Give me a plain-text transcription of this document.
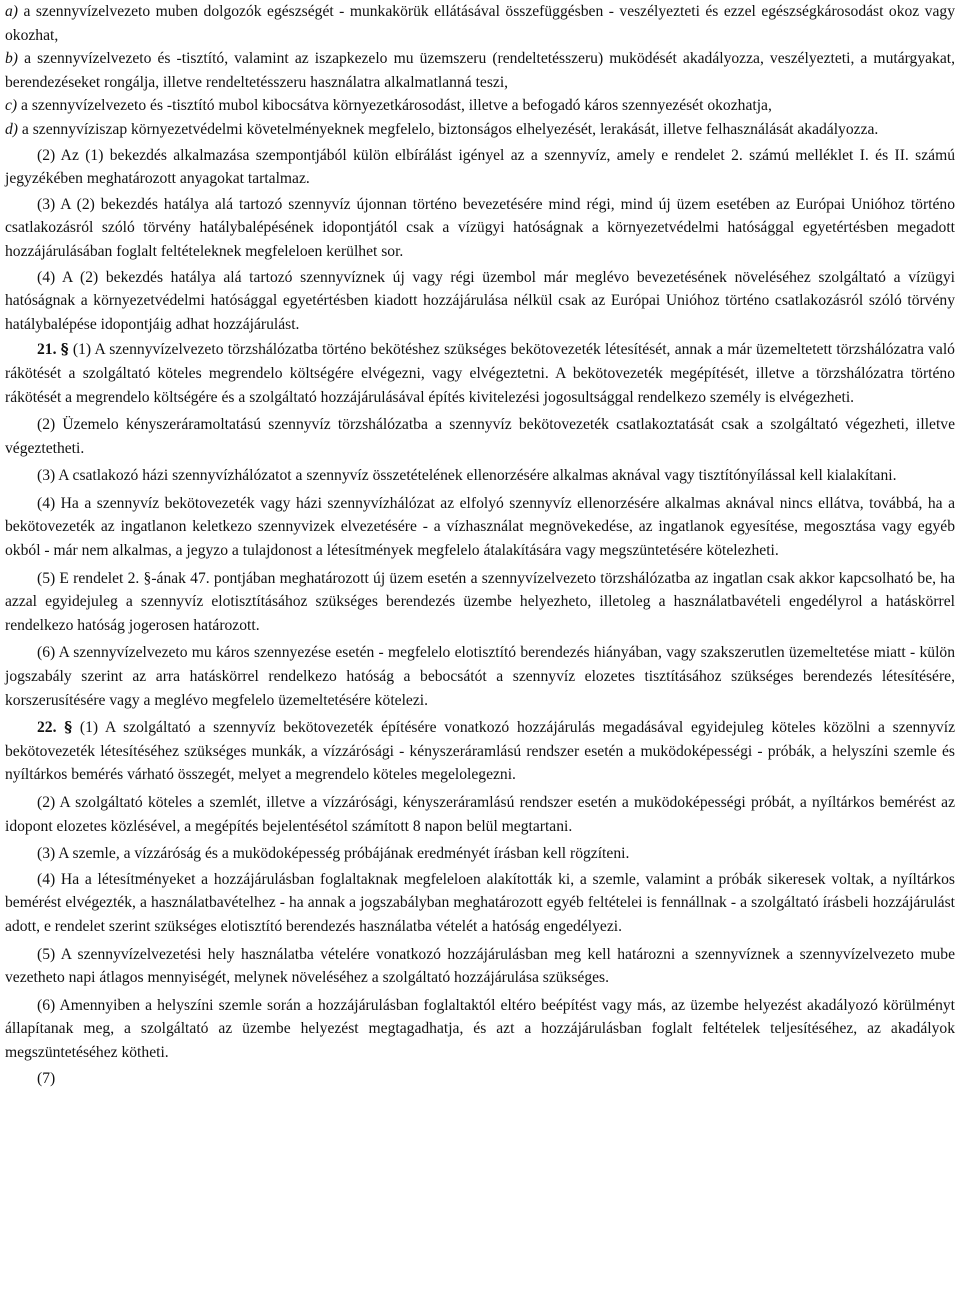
a) a szennyvízelvezeto muben dolgozók egészségét - munkakörük ellátásával összefüggésben - veszélyezteti és ezzel egészségkárosodást okoz vagy okozhat,

b) a szennyvízelvezeto és -tisztító, valamint az iszapkezelo mu üzemszeru (rendeltetésszeru) muködését akadályozza, veszélyezteti, a mutárgyakat, berendezéseket rongálja, illetve rendeltetésszeru használatra alkalmatlanná teszi,

c) a szennyvízelvezeto és -tisztító mubol kibocsátva környezetkárosodást, illetve a befogadó káros szennyezését okozhatja,

d) a szennyvíziszap környezetvédelmi követelményeknek megfelelo, biztonságos elhelyezését, lerakását, illetve felhasználását akadályozza.

(2) Az (1) bekezdés alkalmazása szempontjából külön elbírálást igényel az a szennyvíz, amely e rendelet 2. számú melléklet I. és II. számú jegyzékében meghatározott anyagokat tartalmaz.

(3) A (2) bekezdés hatálya alá tartozó szennyvíz újonnan történo bevezetésére mind régi, mind új üzem esetében az Európai Unióhoz történo csatlakozásról szóló törvény hatálybalépésének idopontjától csak a vízügyi hatóságnak a környezetvédelmi hatósággal egyetértésben megadott hozzájárulásában foglalt feltételeknek megfeleloen kerülhet sor.

(4) A (2) bekezdés hatálya alá tartozó szennyvíznek új vagy régi üzembol már meglévo bevezetésének növeléséhez szolgáltató a vízügyi hatóságnak a környezetvédelmi hatósággal egyetértésben kiadott hozzájárulása nélkül csak az Európai Unióhoz történo csatlakozásról szóló törvény hatálybalépése idopontjáig adhat hozzájárulást.

21. § (1) A szennyvízelvezeto törzshálózatba történo bekötéshez szükséges bekötovezeték létesítését, annak a már üzemeltetett törzshálózatra való rákötését a szolgáltató köteles megrendelo költségére elvégezni, vagy elvégeztetni. A bekötovezeték megépítését, illetve a törzshálózatra történo rákötését a megrendelo költségére és a szolgáltató hozzájárulásával építés kivitelezési jogosultsággal rendelkezo személy is elvégezheti.

(2) Üzemelo kényszeráramoltatású szennyvíz törzshálózatba a szennyvíz bekötovezeték csatlakoztatását csak a szolgáltató végezheti, illetve végeztetheti.

(3) A csatlakozó házi szennyvízhálózatot a szennyvíz összetételének ellenorzésére alkalmas aknával vagy tisztítónyílással kell kialakítani.

(4) Ha a szennyvíz bekötovezeték vagy házi szennyvízhálózat az elfolyó szennyvíz ellenorzésére alkalmas aknával nincs ellátva, továbbá, ha a bekötovezeték az ingatlanon keletkezo szennyvizek elvezetésére - a vízhasználat megnövekedése, az ingatlanok egyesítése, megosztása vagy egyéb okból - már nem alkalmas, a jegyzo a tulajdonost a létesítmények megfelelo átalakítására vagy megszüntetésére kötelezheti.

(5) E rendelet 2. §-ának 47. pontjában meghatározott új üzem esetén a szennyvízelvezeto törzshálózatba az ingatlan csak akkor kapcsolható be, ha azzal egyidejuleg a szennyvíz elotisztításához szükséges berendezés üzembe helyezheto, illetoleg a használatbavételi engedélyrol a hatáskörrel rendelkezo hatóság jogerosen határozott.

(6) A szennyvízelvezeto mu káros szennyezése esetén - megfelelo elotisztító berendezés hiányában, vagy szakszerutlen üzemeltetése miatt - külön jogszabály szerint az arra hatáskörrel rendelkezo hatóság a bebocsátót a szennyvíz elozetes tisztításához szükséges berendezés létesítésére, korszerusítésére vagy a meglévo megfelelo üzemeltetésére kötelezi.

22. § (1) A szolgáltató a szennyvíz bekötovezeték építésére vonatkozó hozzájárulás megadásával egyidejuleg köteles közölni a szennyvíz bekötovezeték létesítéséhez szükséges munkák, a vízzárósági - kényszeráramlású rendszer esetén a muködoképességi - próbák, a helyszíni szemle és nyíltárkos bemérés várható összegét, melyet a megrendelo köteles megelolegezni.

(2) A szolgáltató köteles a szemlét, illetve a vízzárósági, kényszeráramlású rendszer esetén a muködoképességi próbát, a nyíltárkos bemérést az idopont elozetes közlésével, a megépítés bejelentésétol számított 8 napon belül megtartani.

(3) A szemle, a vízzáróság és a muködoképesség próbájának eredményét írásban kell rögzíteni.

(4) Ha a létesítményeket a hozzájárulásban foglaltaknak megfeleloen alakították ki, a szemle, valamint a próbák sikeresek voltak, a nyíltárkos bemérést elvégezték, a használatbavételhez - ha annak a jogszabályban meghatározott egyéb feltételei is fennállnak - a szolgáltató írásbeli hozzájárulást adott, e rendelet szerint szükséges elotisztító berendezés használatba vételét a hatóság engedélyezi.

(5) A szennyvízelvezetési hely használatba vételére vonatkozó hozzájárulásban meg kell határozni a szennyvíznek a szennyvízelvezeto mube vezetheto napi átlagos mennyiségét, melynek növeléséhez a szolgáltató hozzájárulása szükséges.

(6) Amennyiben a helyszíni szemle során a hozzájárulásban foglaltaktól eltéro beépítést vagy más, az üzembe helyezést akadályozó körülményt állapítanak meg, a szolgáltató az üzembe helyezést megtagadhatja, és azt a hozzájárulásban foglalt feltételek teljesítéséhez, az akadályok megszüntetéséhez kötheti.

(7)
